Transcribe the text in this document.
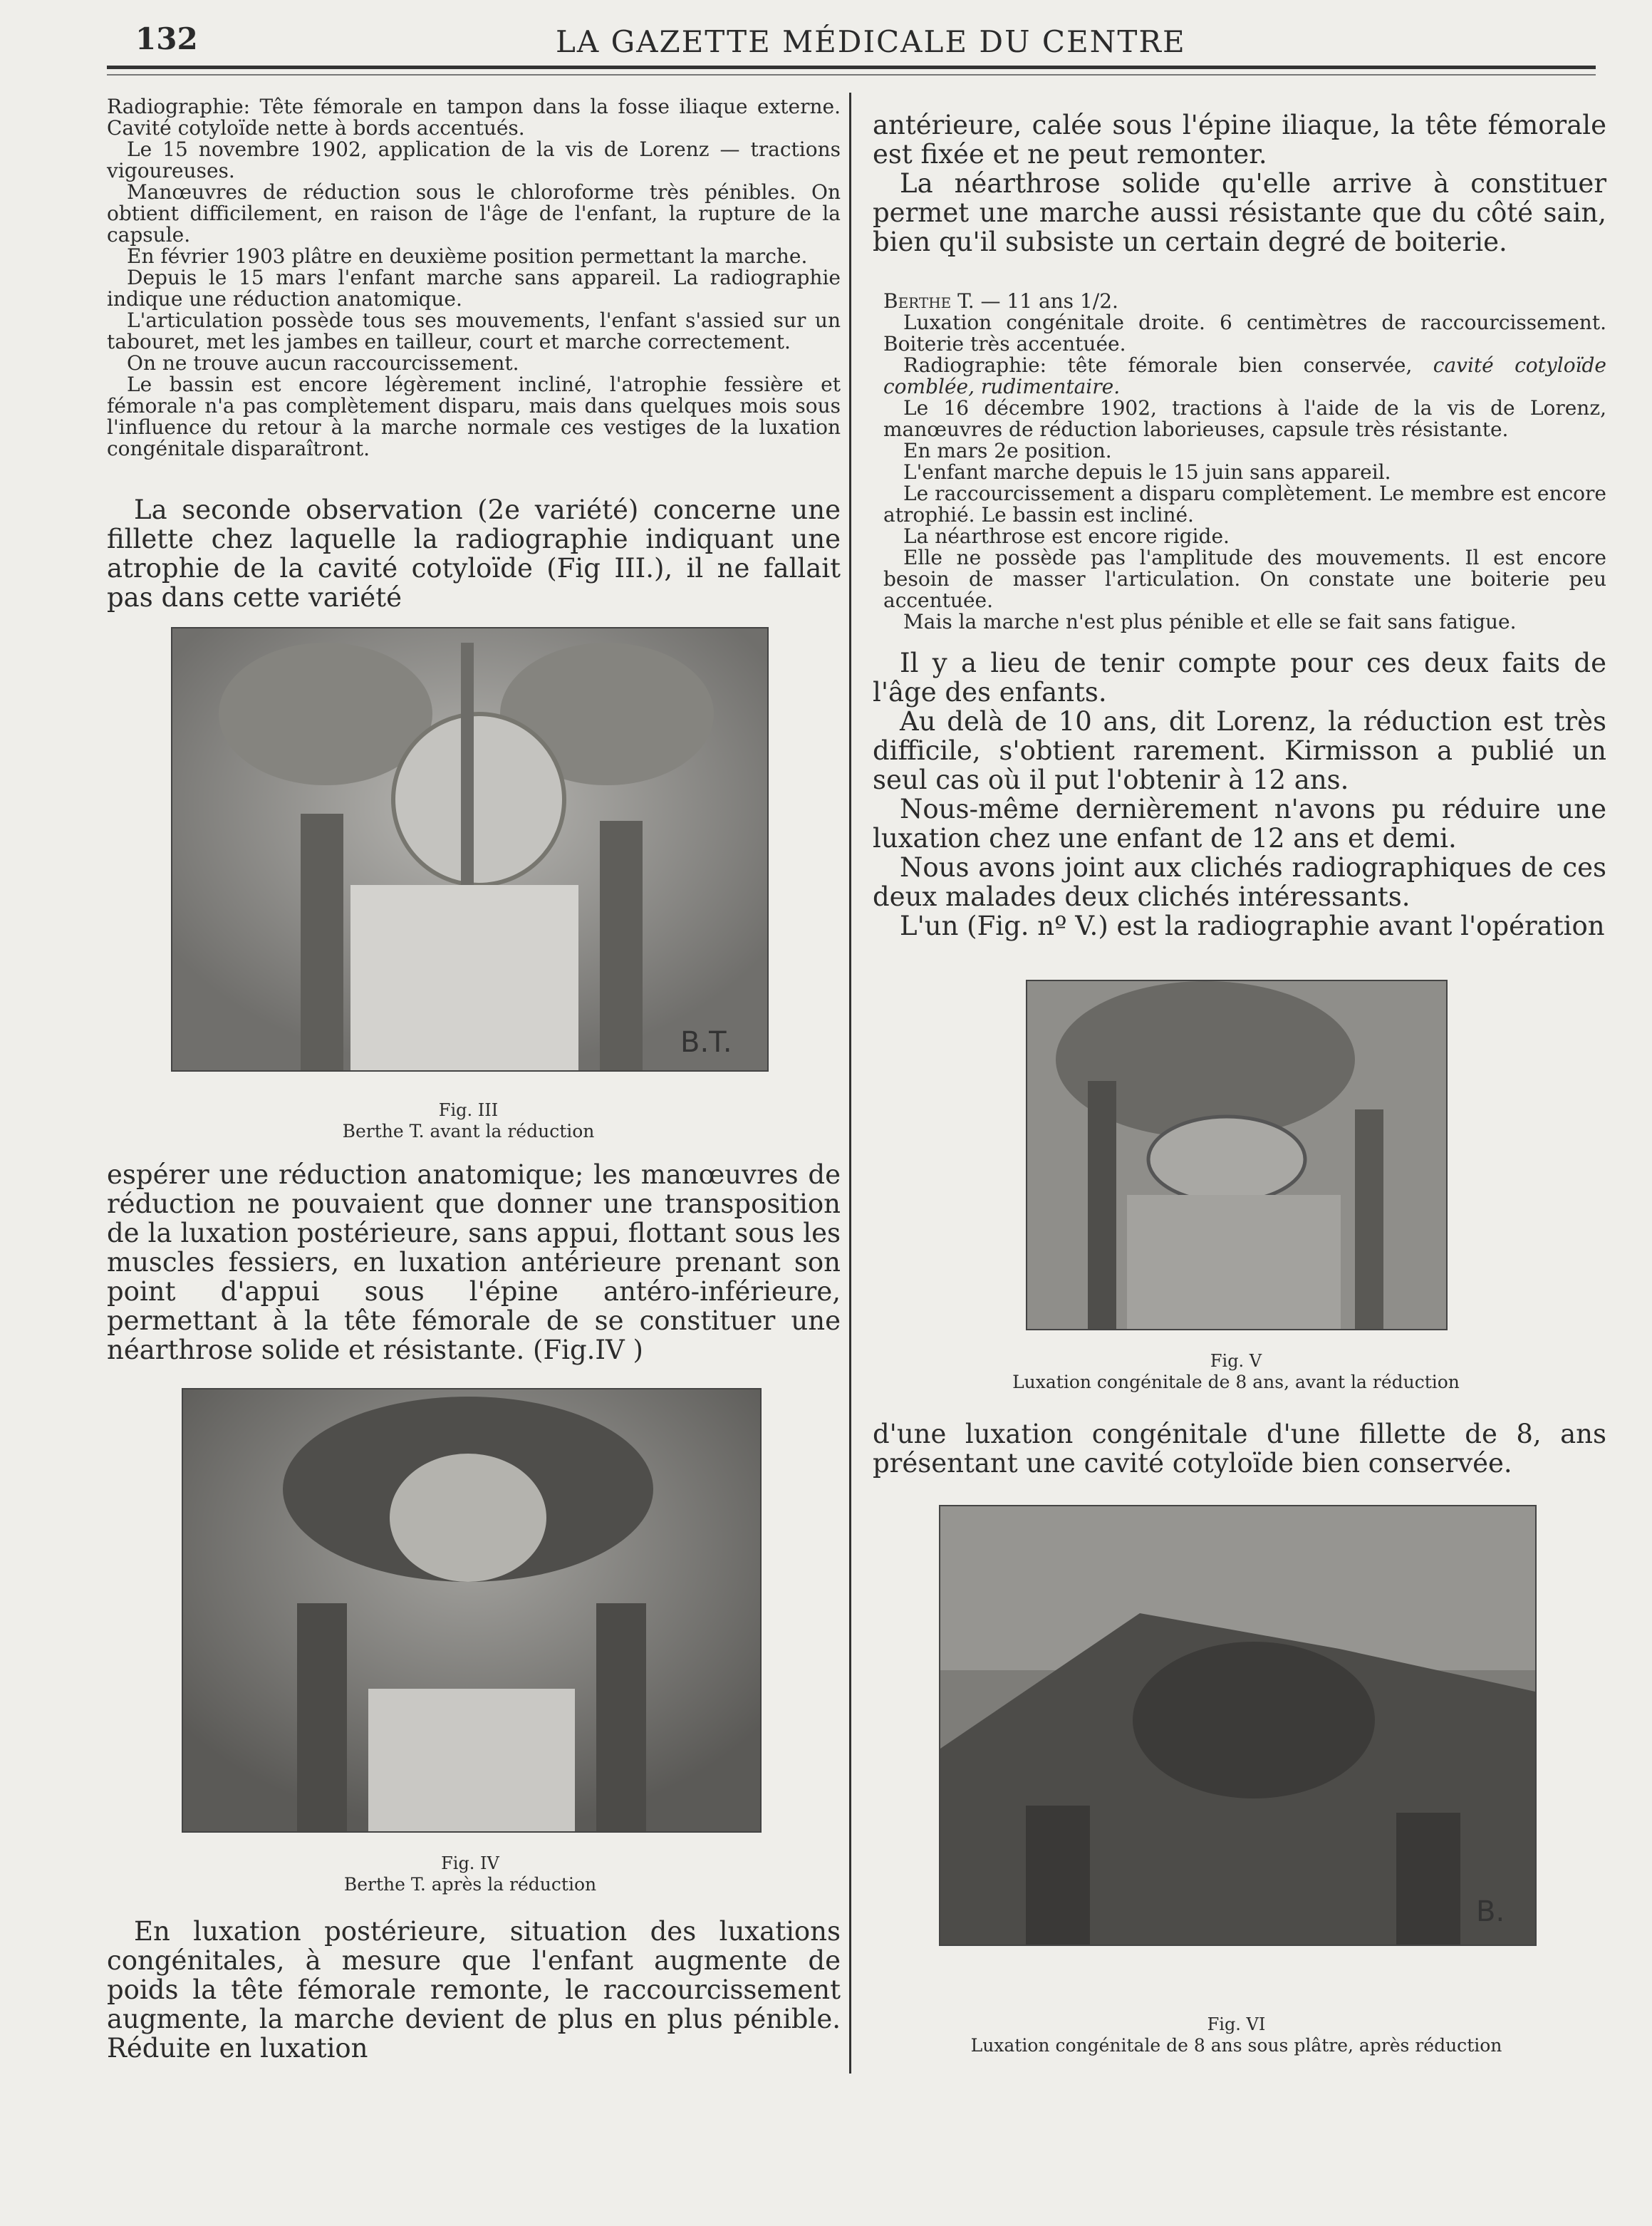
132	LA GAZETTE MÉDICALE DU CENTRE

Radiographie: Tête fémorale en tampon dans la fosse iliaque externe. Cavité cotyloïde nette à bords accentués.

Le 15 novembre 1902, application de la vis de Lorenz — tractions vigoureuses.

Manœuvres de réduction sous le chloroforme très pénibles. On obtient difficilement, en raison de l'âge de l'enfant, la rupture de la capsule.

En février 1903 plâtre en deuxième position permettant la marche.

Depuis le 15 mars l'enfant marche sans appareil. La radiographie indique une réduction anatomique.

L'articulation possède tous ses mouvements, l'enfant s'assied sur un tabouret, met les jambes en tailleur, court et marche correctement.

On ne trouve aucun raccourcissement.

Le bassin est encore légèrement incliné, l'atrophie fessière et fémorale n'a pas complètement disparu, mais dans quelques mois sous l'influence du retour à la marche normale ces vestiges de la luxation congénitale disparaîtront.

La seconde observation (2e variété) concerne une fillette chez laquelle la radiographie indiquant une atrophie de la cavité cotyloïde (Fig III.), il ne fallait pas dans cette variété

B.T.
Fig. III
Berthe T. avant la réduction

espérer une réduction anatomique; les manœuvres de réduction ne pouvaient que donner une transposition de la luxation postérieure, sans appui, flottant sous les muscles fessiers, en luxation antérieure prenant son point d'appui sous l'épine antéro-inférieure, permettant à la tête fémorale de se constituer une néarthrose solide et résistante. (Fig.IV )

Fig. IV
Berthe T. après la réduction

En luxation postérieure, situation des luxations congénitales, à mesure que l'enfant augmente de poids la tête fémorale remonte, le raccourcissement augmente, la marche devient de plus en plus pénible. Réduite en luxation

antérieure, calée sous l'épine iliaque, la tête fémorale est fixée et ne peut remonter.

La néarthrose solide qu'elle arrive à constituer permet une marche aussi résistante que du côté sain, bien qu'il subsiste un certain degré de boiterie.

Berthe T. — 11 ans 1/2.

Luxation congénitale droite. 6 centimètres de raccourcissement. Boiterie très accentuée.

Radiographie: tête fémorale bien conservée, cavité cotyloïde comblée, rudimentaire.

Le 16 décembre 1902, tractions à l'aide de la vis de Lorenz, manœuvres de réduction laborieuses, capsule très résistante.

En mars 2e position.

L'enfant marche depuis le 15 juin sans appareil.

Le raccourcissement a disparu complètement. Le membre est encore atrophié. Le bassin est incliné.

La néarthrose est encore rigide.

Elle ne possède pas l'amplitude des mouvements. Il est encore besoin de masser l'articulation. On constate une boiterie peu accentuée.

Mais la marche n'est plus pénible et elle se fait sans fatigue.

Il y a lieu de tenir compte pour ces deux faits de l'âge des enfants.

Au delà de 10 ans, dit Lorenz, la réduction est très difficile, s'obtient rarement. Kirmisson a publié un seul cas où il put l'obtenir à 12 ans.

Nous-même dernièrement n'avons pu réduire une luxation chez une enfant de 12 ans et demi.

Nous avons joint aux clichés radiographiques de ces deux malades deux clichés intéressants.

L'un (Fig. nº V.) est la radiographie avant l'opération

Fig. V
Luxation congénitale de 8 ans, avant la réduction

d'une luxation congénitale d'une fillette de 8, ans présentant une cavité cotyloïde bien conservée.

B.
Fig. VI
Luxation congénitale de 8 ans sous plâtre, après réduction
